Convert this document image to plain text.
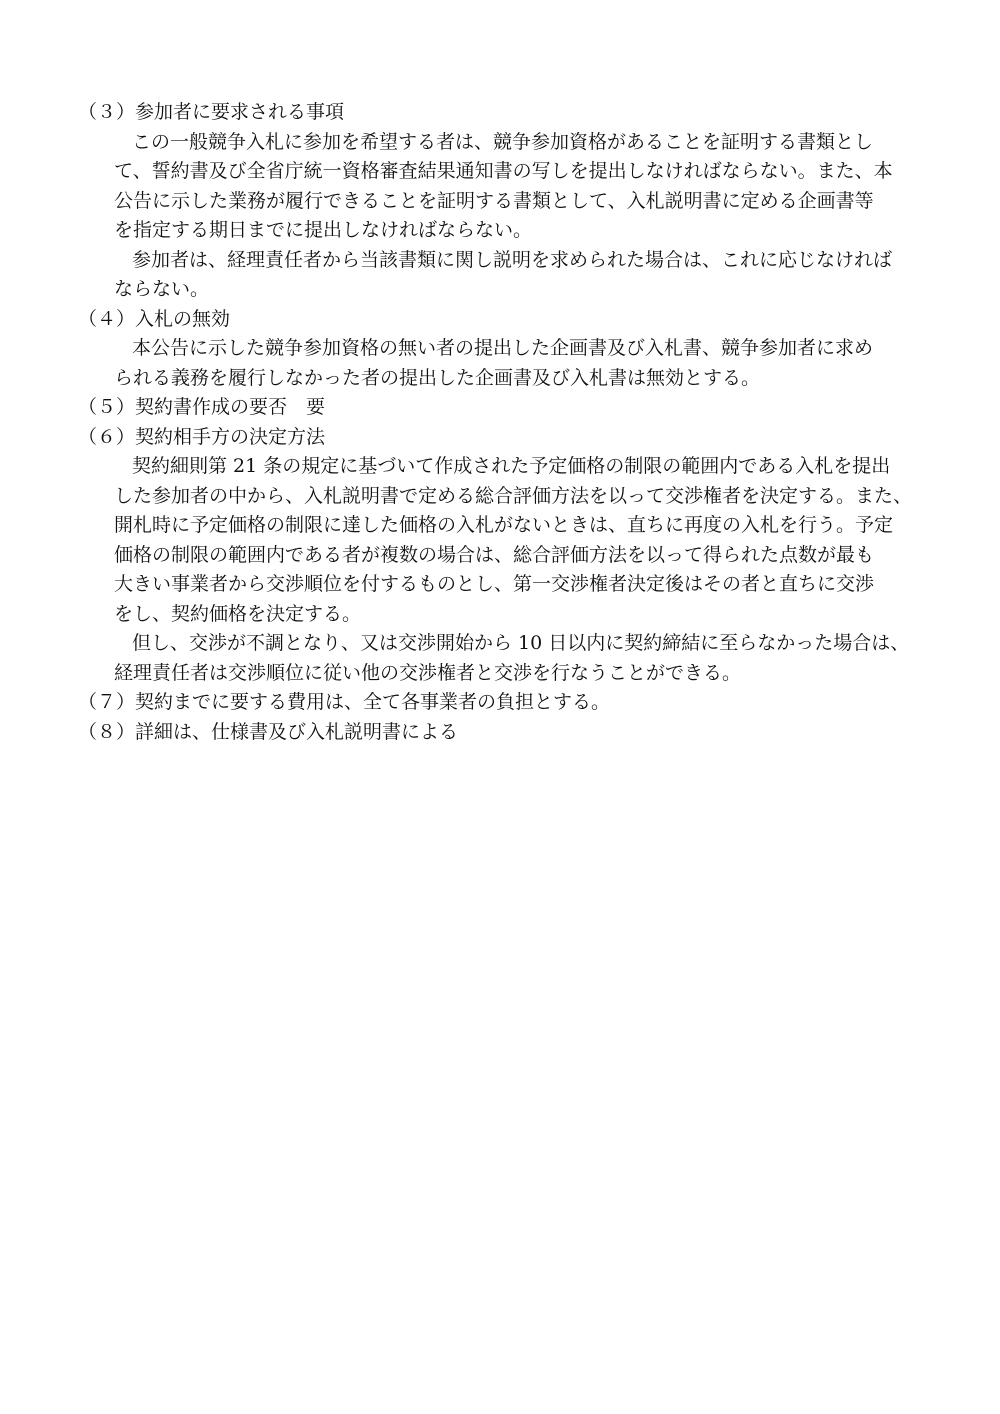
（３）参加者に要求される事項
この一般競争入札に参加を希望する者は、競争参加資格があることを証明する書類とし
て、誓約書及び全省庁統一資格審査結果通知書の写しを提出しなければならない。また、本
公告に示した業務が履行できることを証明する書類として、入札説明書に定める企画書等
を指定する期日までに提出しなければならない。
参加者は、経理責任者から当該書類に関し説明を求められた場合は、これに応じなければ
ならない。
（４）入札の無効
本公告に示した競争参加資格の無い者の提出した企画書及び入札書、競争参加者に求め
られる義務を履行しなかった者の提出した企画書及び入札書は無効とする。
（５）契約書作成の要否　要
（６）契約相手方の決定方法
契約細則第 21 条の規定に基づいて作成された予定価格の制限の範囲内である入札を提出
した参加者の中から、入札説明書で定める総合評価方法を以って交渉権者を決定する。また、
開札時に予定価格の制限に達した価格の入札がないときは、直ちに再度の入札を行う。予定
価格の制限の範囲内である者が複数の場合は、総合評価方法を以って得られた点数が最も
大きい事業者から交渉順位を付するものとし、第一交渉権者決定後はその者と直ちに交渉
をし、契約価格を決定する。
但し、交渉が不調となり、又は交渉開始から 10 日以内に契約締結に至らなかった場合は、
経理責任者は交渉順位に従い他の交渉権者と交渉を行なうことができる。
（７）契約までに要する費用は、全て各事業者の負担とする。
（８）詳細は、仕様書及び入札説明書による
